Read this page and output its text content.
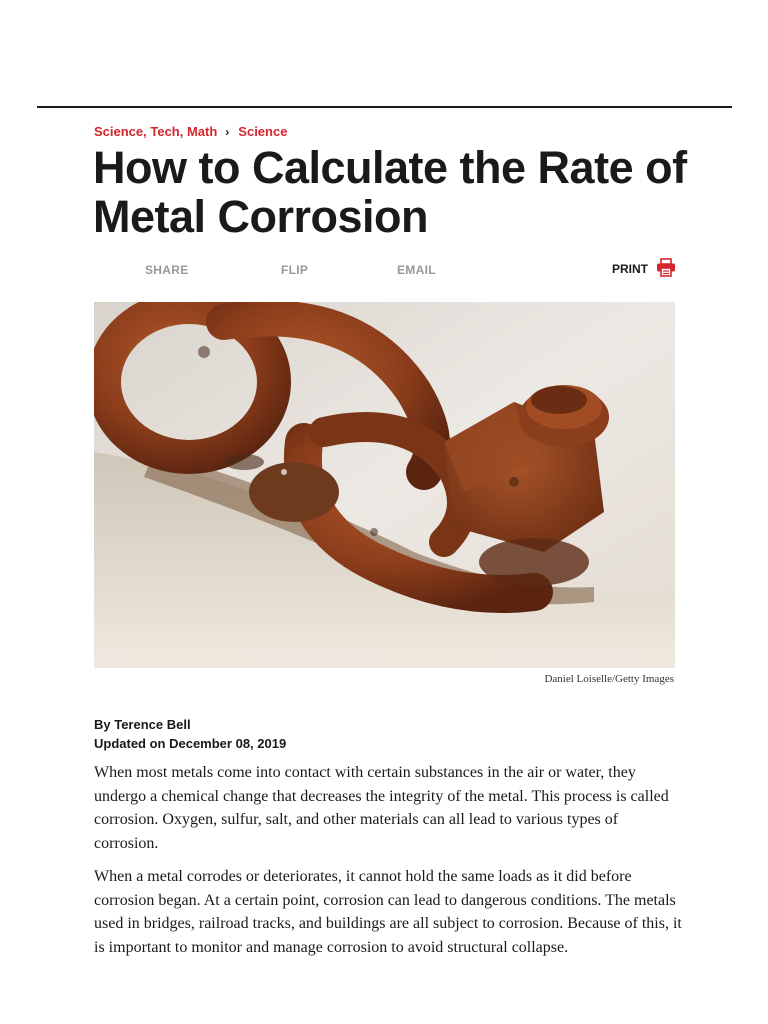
Science, Tech, Math › Science
How to Calculate the Rate of Metal Corrosion
SHARE	FLIP	EMAIL	PRINT
Daniel Loiselle/Getty Images
By Terence Bell
Updated on December 08, 2019

When most metals come into contact with certain substances in the air or water, they undergo a chemical change that decreases the integrity of the metal. This process is called corrosion. Oxygen, sulfur, salt, and other materials can all lead to various types of corrosion.

When a metal corrodes or deteriorates, it cannot hold the same loads as it did before corrosion began. At a certain point, corrosion can lead to dangerous conditions. The metals used in bridges, railroad tracks, and buildings are all subject to corrosion. Because of this, it is important to monitor and manage corrosion to avoid structural collapse.
